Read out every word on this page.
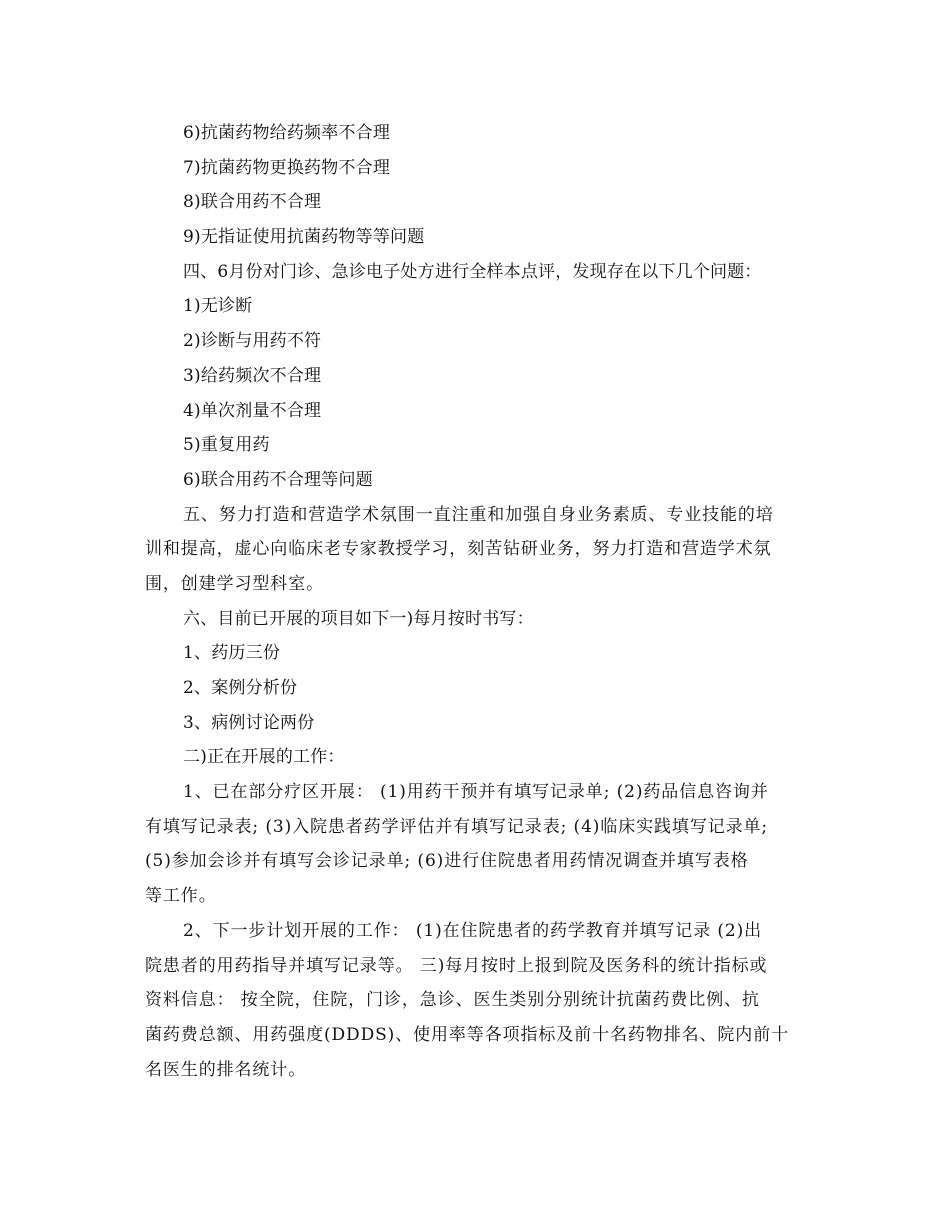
6)抗菌药物给药频率不合理
7)抗菌药物更换药物不合理
8)联合用药不合理
9)无指证使用抗菌药物等等问题
四、6月份对门诊、急诊电子处方进行全样本点评，发现存在以下几个问题：
1)无诊断
2)诊断与用药不符
3)给药频次不合理
4)单次剂量不合理
5)重复用药
6)联合用药不合理等问题
五、努力打造和营造学术氛围一直注重和加强自身业务素质、专业技能的培
训和提高，虚心向临床老专家教授学习，刻苦钻研业务，努力打造和营造学术氛
围，创建学习型科室。
六、目前已开展的项目如下一)每月按时书写：
1、药历三份
2、案例分析份
3、病例讨论两份
二)正在开展的工作：
1、已在部分疗区开展： (1)用药干预并有填写记录单; (2)药品信息咨询并
有填写记录表; (3)入院患者药学评估并有填写记录表; (4)临床实践填写记录单;
(5)参加会诊并有填写会诊记录单; (6)进行住院患者用药情况调查并填写表格
等工作。
2、下一步计划开展的工作： (1)在住院患者的药学教育并填写记录 (2)出
院患者的用药指导并填写记录等。 三)每月按时上报到院及医务科的统计指标或
资料信息： 按全院，住院，门诊，急诊、医生类别分别统计抗菌药费比例、抗
菌药费总额、用药强度(DDDS)、使用率等各项指标及前十名药物排名、院内前十
名医生的排名统计。
